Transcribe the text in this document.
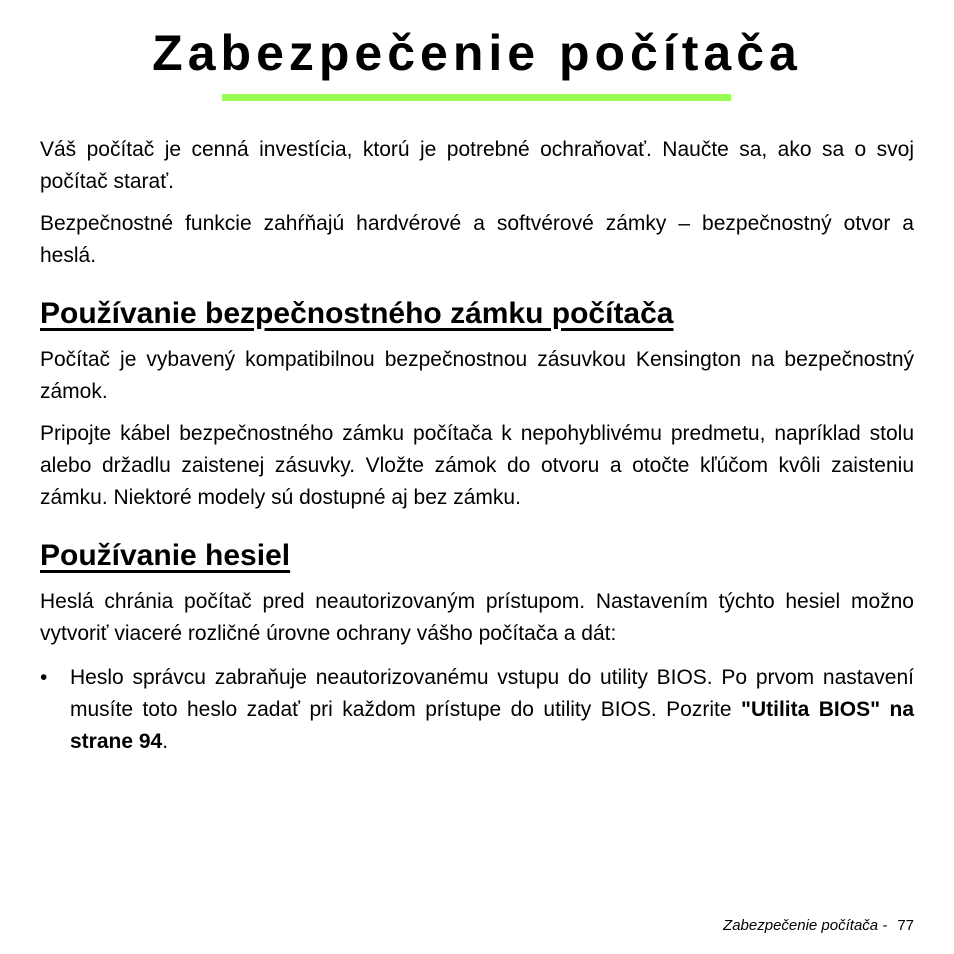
Zabezpečenie počítača

Váš počítač je cenná investícia, ktorú je potrebné ochraňovať. Naučte sa, ako sa o svoj počítač starať.

Bezpečnostné funkcie zahŕňajú hardvérové a softvérové zámky – bezpečnostný otvor a heslá.

Používanie bezpečnostného zámku počítača

Počítač je vybavený kompatibilnou bezpečnostnou zásuvkou Kensington na bezpečnostný zámok.

Pripojte kábel bezpečnostného zámku počítača k nepohyblivému predmetu, napríklad stolu alebo držadlu zaistenej zásuvky. Vložte zámok do otvoru a otočte kľúčom kvôli zaisteniu zámku. Niektoré modely sú dostupné aj bez zámku.

Používanie hesiel

Heslá chránia počítač pred neautorizovaným prístupom. Nastavením týchto hesiel možno vytvoriť viaceré rozličné úrovne ochrany vášho počítača a dát:

• Heslo správcu zabraňuje neautorizovanému vstupu do utility BIOS. Po prvom nastavení musíte toto heslo zadať pri každom prístupe do utility BIOS. Pozrite "Utilita BIOS" na strane 94.
Zabezpečenie počítača - 77
